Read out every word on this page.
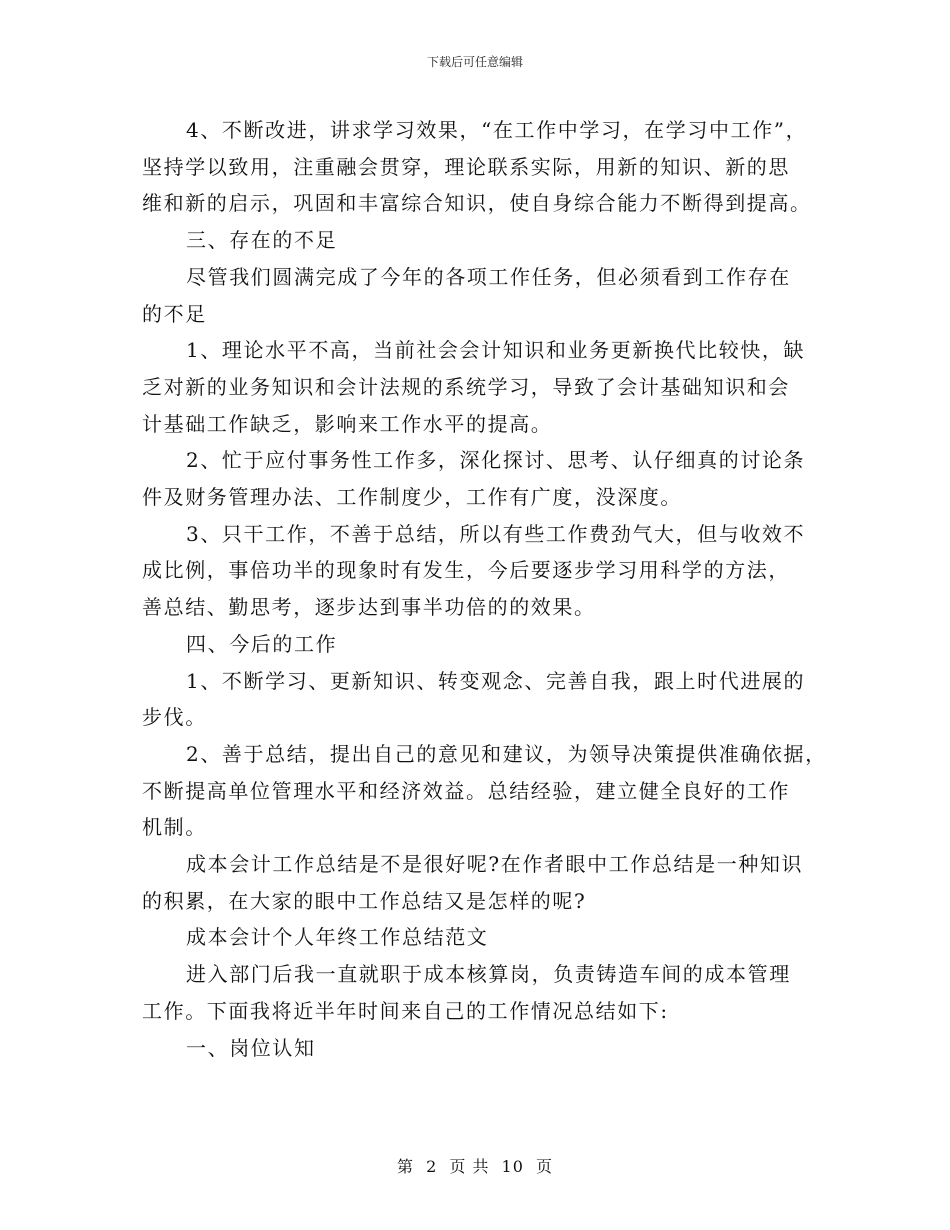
下载后可任意编辑

4、不断改进，讲求学习效果，“在工作中学习，在学习中工作”，

坚持学以致用，注重融会贯穿，理论联系实际，用新的知识、新的思

维和新的启示，巩固和丰富综合知识，使自身综合能力不断得到提高。

三、存在的不足

尽管我们圆满完成了今年的各项工作任务，但必须看到工作存在

的不足

1、理论水平不高，当前社会会计知识和业务更新换代比较快，缺

乏对新的业务知识和会计法规的系统学习，导致了会计基础知识和会

计基础工作缺乏，影响来工作水平的提高。

2、忙于应付事务性工作多，深化探讨、思考、认仔细真的讨论条

件及财务管理办法、工作制度少，工作有广度，没深度。

3、只干工作，不善于总结，所以有些工作费劲气大，但与收效不

成比例，事倍功半的现象时有发生，今后要逐步学习用科学的方法，

善总结、勤思考，逐步达到事半功倍的的效果。

四、今后的工作

1、不断学习、更新知识、转变观念、完善自我，跟上时代进展的

步伐。

2、善于总结，提出自己的意见和建议，为领导决策提供准确依据，

不断提高单位管理水平和经济效益。总结经验，建立健全良好的工作

机制。

成本会计工作总结是不是很好呢?在作者眼中工作总结是一种知识

的积累，在大家的眼中工作总结又是怎样的呢?

成本会计个人年终工作总结范文

进入部门后我一直就职于成本核算岗，负责铸造车间的成本管理

工作。下面我将近半年时间来自己的工作情况总结如下:

一、岗位认知

第 2 页 共 10 页
